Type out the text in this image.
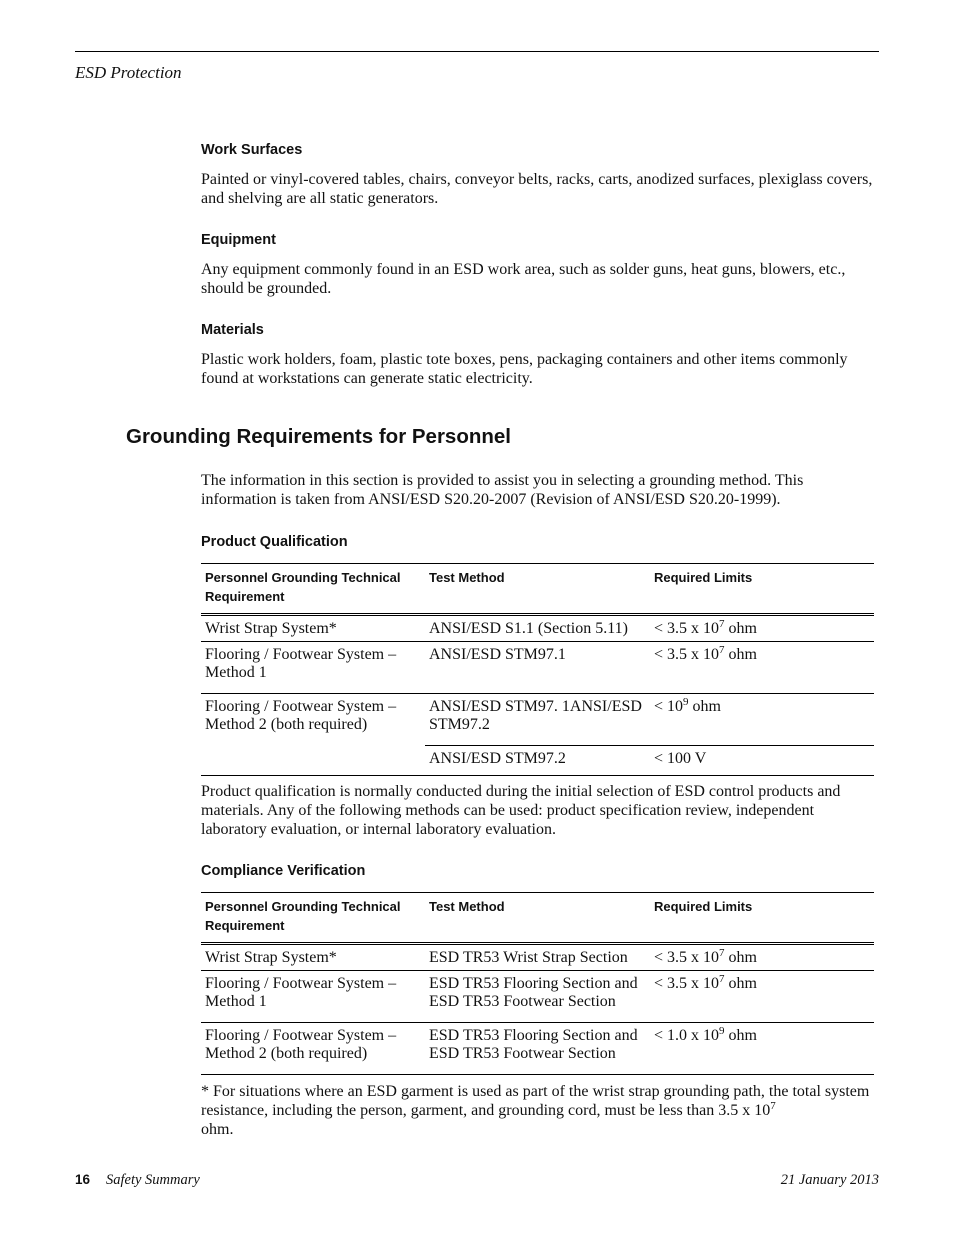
ESD Protection
Work Surfaces
Painted or vinyl-covered tables, chairs, conveyor belts, racks, carts, anodized surfaces, plexiglass covers, and shelving are all static generators.
Equipment
Any equipment commonly found in an ESD work area, such as solder guns, heat guns, blowers, etc., should be grounded.
Materials
Plastic work holders, foam, plastic tote boxes, pens, packaging containers and other items commonly found at workstations can generate static electricity.
Grounding Requirements for Personnel
The information in this section is provided to assist you in selecting a grounding method. This information is taken from ANSI/ESD S20.20-2007 (Revision of ANSI/ESD S20.20-1999).
Product Qualification
Personnel Grounding Technical Requirement	Test Method	Required Limits
Wrist Strap System*	ANSI/ESD S1.1 (Section 5.11)	< 3.5 x $10^7$ ohm
Flooring / Footwear System – Method 1	ANSI/ESD STM97.1	< 3.5 x $10^7$ ohm
Flooring / Footwear System – Method 2 (both required)	ANSI/ESD STM97. 1ANSI/ESD STM97.2	< $10^9$ ohm
	ANSI/ESD STM97.2	< 100 V
Product qualification is normally conducted during the initial selection of ESD control products and materials. Any of the following methods can be used: product specification review, independent laboratory evaluation, or internal laboratory evaluation.
Compliance Verification
Personnel Grounding Technical Requirement	Test Method	Required Limits
Wrist Strap System*	ESD TR53 Wrist Strap Section	< 3.5 x $10^7$ ohm
Flooring / Footwear System – Method 1	ESD TR53 Flooring Section and ESD TR53 Footwear Section	< 3.5 x $10^7$ ohm
Flooring / Footwear System – Method 2 (both required)	ESD TR53 Flooring Section and ESD TR53 Footwear Section	< 1.0 x $10^9$ ohm
* For situations where an ESD garment is used as part of the wrist strap grounding path, the total system resistance, including the person, garment, and grounding cord, must be less than 3.5 x $10^7$
ohm.
16 Safety Summary	21 January 2013
